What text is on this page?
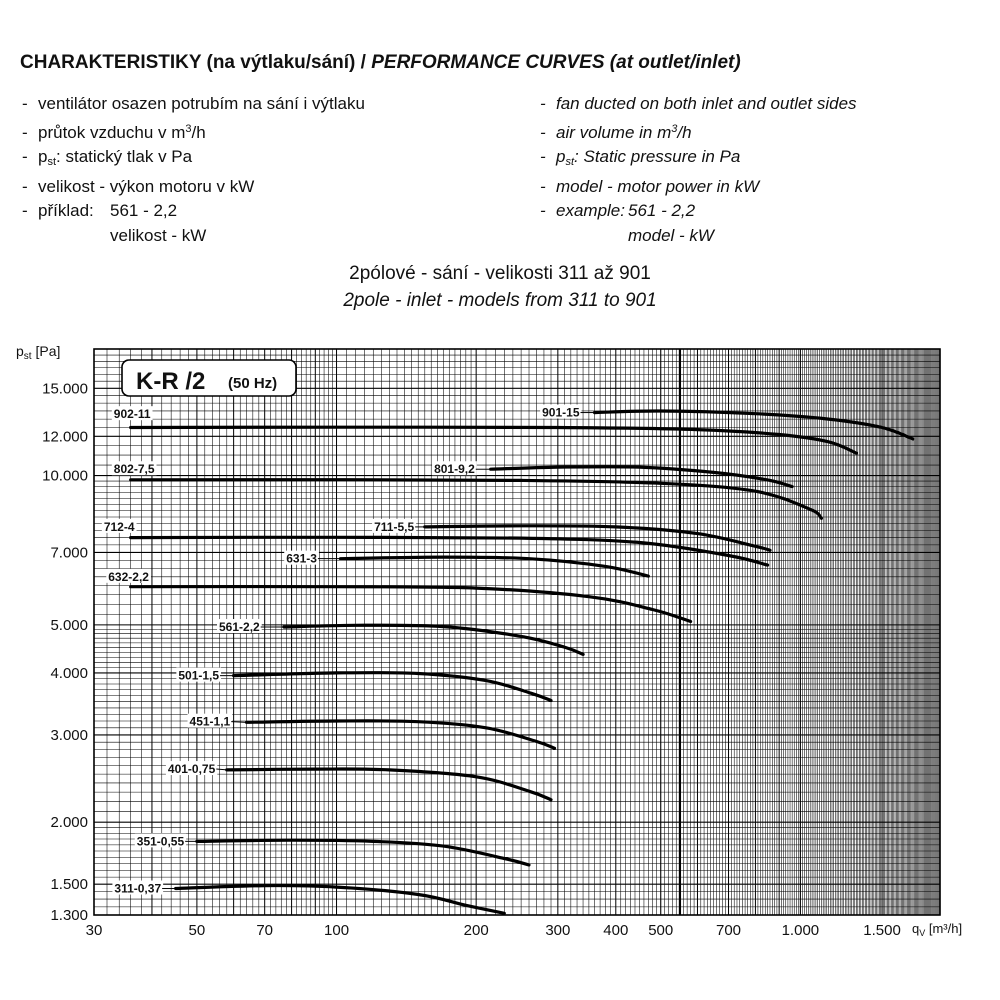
CHARAKTERISTIKY (na výtlaku/sání) / PERFORMANCE CURVES (at outlet/inlet)
- ventilátor osazen potrubím na sání i výtlaku
- průtok vzduchu v $m^3/h$
- pst: statický tlak v Pa
- velikost - výkon motoru v kW
- příklad: 561 - 2,2
velikost - kW
- fan ducted on both inlet and outlet sides
- air volume in $m^3/h$
- pst: Static pressure in Pa
- model - motor power in kW
- example: 561 - 2,2
model - kW
2pólové - sání - velikosti 311 až 901
2pole - inlet - models from 311 to 901
1.300
1.500
2.000
3.000
4.000
5.000
7.000
10.000
12.000
15.000
30	50	70	100	200	300 400 500	700	1.000	1.500
$p_{st}$ [Pa]
$q_V$ [m³/h]
K-R /2 (50 Hz)
311-0,37
351-0,55
401-0,75
451-1,1
501-1,5
561-2,2
631-3
632-2,2
711-5,5
712-4
801-9,2
802-7,5
901-15
902-11
